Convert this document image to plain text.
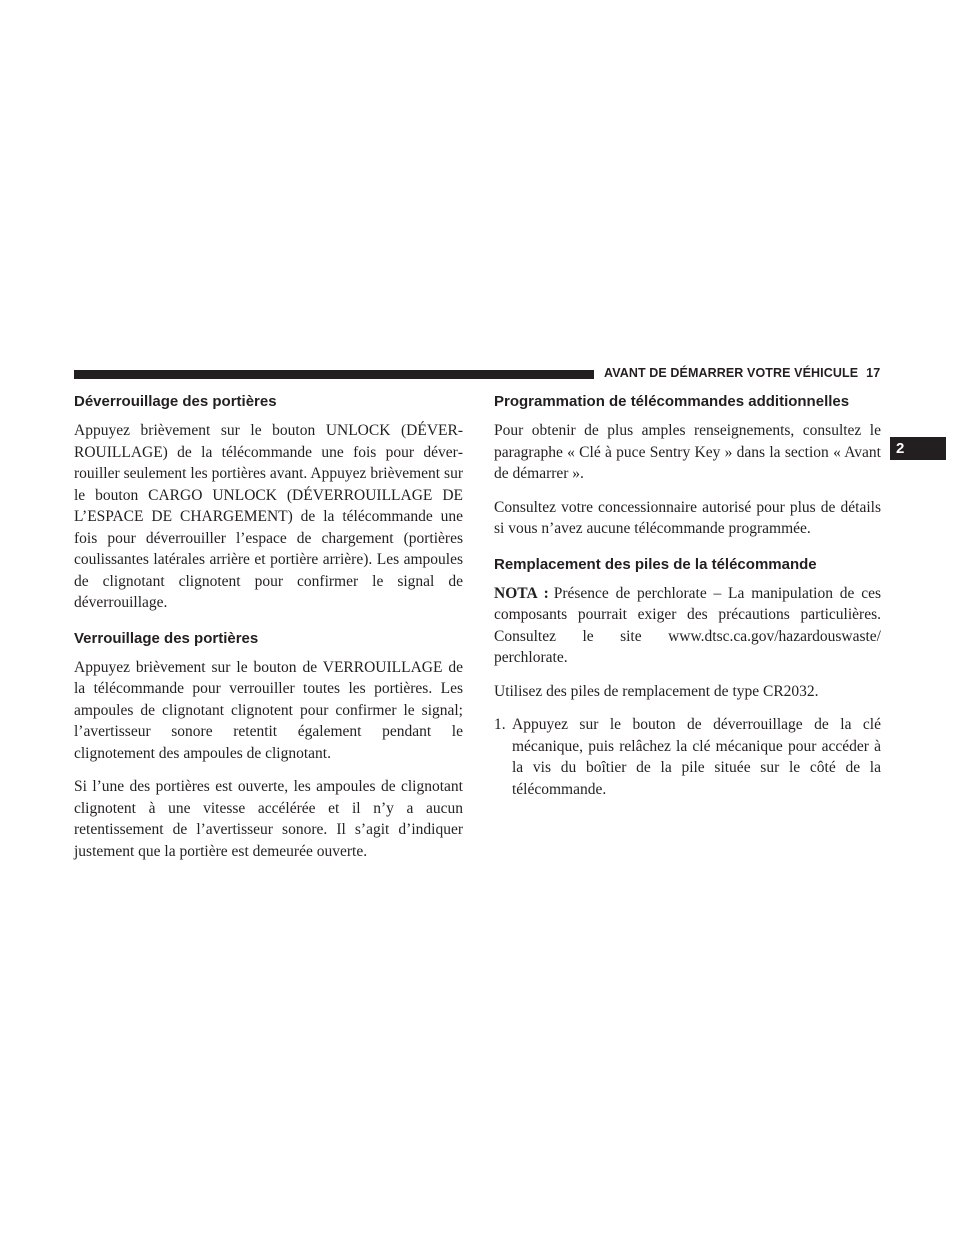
AVANT DE DÉMARRER VOTRE VÉHICULE 17
2
Déverrouillage des portières

Appuyez brièvement sur le bouton UNLOCK (DÉVERROUILLAGE) de la télécommande une fois pour déverrouiller seulement les portières avant. Appuyez brièvement sur le bouton CARGO UNLOCK (DÉVERROUILLAGE DE L’ESPACE DE CHARGEMENT) de la télécommande une fois pour déverrouiller l’espace de chargement (portières coulissantes latérales arrière et portière arrière). Les ampoules de clignotant clignotent pour confirmer le signal de déverrouillage.

Verrouillage des portières

Appuyez brièvement sur le bouton de VERROUILLAGE de la télécommande pour verrouiller toutes les portières. Les ampoules de clignotant clignotent pour confirmer le signal; l’avertisseur sonore retentit également pendant le clignotement des ampoules de clignotant.

Si l’une des portières est ouverte, les ampoules de clignotant clignotent à une vitesse accélérée et il n’y a aucun retentissement de l’avertisseur sonore. Il s’agit d’indiquer justement que la portière est demeurée ouverte.

Programmation de télécommandes additionnelles

Pour obtenir de plus amples renseignements, consultez le paragraphe « Clé à puce Sentry Key » dans la section « Avant de démarrer ».

Consultez votre concessionnaire autorisé pour plus de détails si vous n’avez aucune télécommande programmée.

Remplacement des piles de la télécommande

NOTA : Présence de perchlorate – La manipulation de ces composants pourrait exiger des précautions particulières. Consultez le site www.dtsc.ca.gov/hazardouswaste/ perchlorate.

Utilisez des piles de remplacement de type CR2032.

1. Appuyez sur le bouton de déverrouillage de la clé mécanique, puis relâchez la clé mécanique pour accéder à la vis du boîtier de la pile située sur le côté de la télécommande.
